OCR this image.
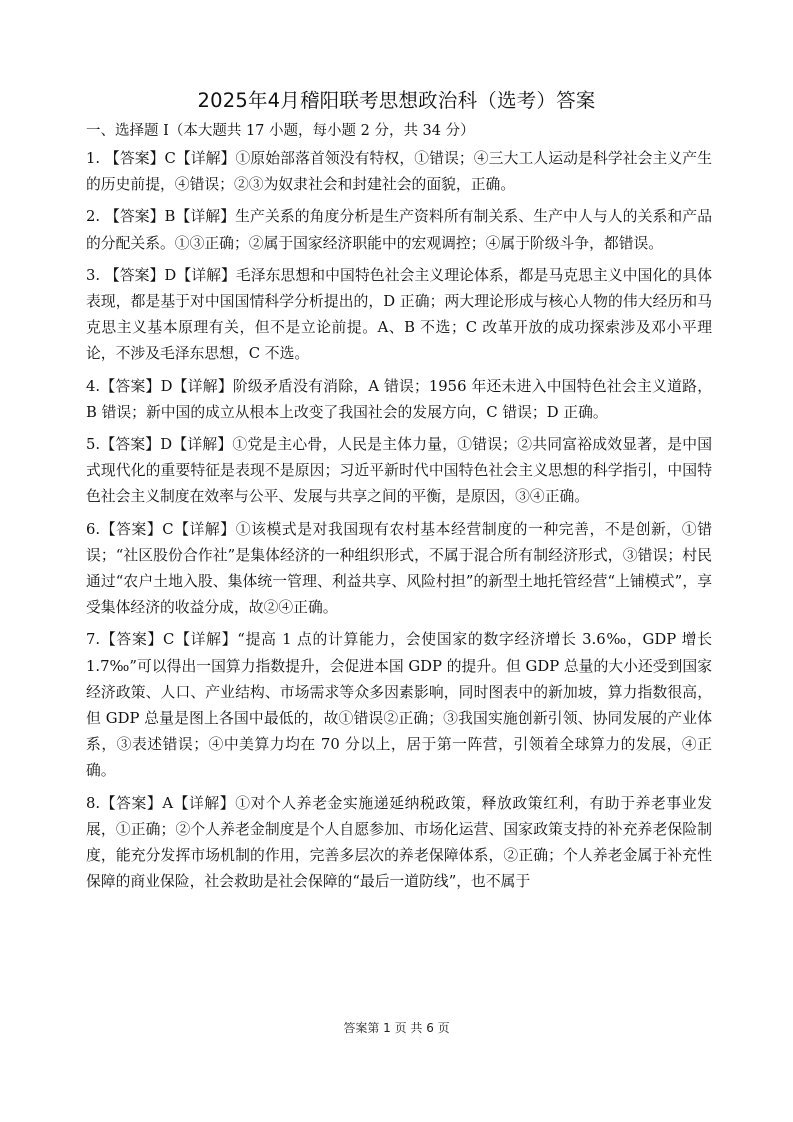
2025年4月稽阳联考思想政治科（选考）答案
一、选择题 I（本大题共 17 小题，每小题 2 分，共 34 分）

1. 【答案】C【详解】①原始部落首领没有特权，①错误；④三大工人运动是科学社会主义产生的历史前提，④错误；②③为奴隶社会和封建社会的面貌，正确。

2. 【答案】B【详解】生产关系的角度分析是生产资料所有制关系、生产中人与人的关系和产品的分配关系。①③正确；②属于国家经济职能中的宏观调控；④属于阶级斗争，都错误。

3. 【答案】D【详解】毛泽东思想和中国特色社会主义理论体系，都是马克思主义中国化的具体表现，都是基于对中国国情科学分析提出的，D 正确；两大理论形成与核心人物的伟大经历和马克思主义基本原理有关，但不是立论前提。A、B 不选；C 改革开放的成功探索涉及邓小平理论，不涉及毛泽东思想，C 不选。

4.【答案】D【详解】阶级矛盾没有消除，A 错误；1956 年还未进入中国特色社会主义道路，B 错误；新中国的成立从根本上改变了我国社会的发展方向，C 错误；D 正确。

5.【答案】D【详解】①党是主心骨，人民是主体力量，①错误；②共同富裕成效显著，是中国式现代化的重要特征是表现不是原因；习近平新时代中国特色社会主义思想的科学指引，中国特色社会主义制度在效率与公平、发展与共享之间的平衡，是原因，③④正确。

6.【答案】C【详解】①该模式是对我国现有农村基本经营制度的一种完善，不是创新，①错误；“社区股份合作社”是集体经济的一种组织形式，不属于混合所有制经济形式，③错误；村民通过“农户土地入股、集体统一管理、利益共享、风险村担”的新型土地托管经营“上铺模式”，享受集体经济的收益分成，故②④正确。

7.【答案】C【详解】“提高 1 点的计算能力，会使国家的数字经济增长 3.6‰，GDP 增长 1.7‰”可以得出一国算力指数提升，会促进本国 GDP 的提升。但 GDP 总量的大小还受到国家经济政策、人口、产业结构、市场需求等众多因素影响，同时图表中的新加坡，算力指数很高，但 GDP 总量是图上各国中最低的，故①错误②正确；③我国实施创新引领、协同发展的产业体系，③表述错误；④中美算力均在 70 分以上，居于第一阵营，引领着全球算力的发展，④正确。

8.【答案】A【详解】①对个人养老金实施递延纳税政策，释放政策红利，有助于养老事业发展，①正确；②个人养老金制度是个人自愿参加、市场化运营、国家政策支持的补充养老保险制度，能充分发挥市场机制的作用，完善多层次的养老保障体系，②正确；个人养老金属于补充性保障的商业保险，社会救助是社会保障的“最后一道防线”，也不属于

答案第 1 页 共 6 页
